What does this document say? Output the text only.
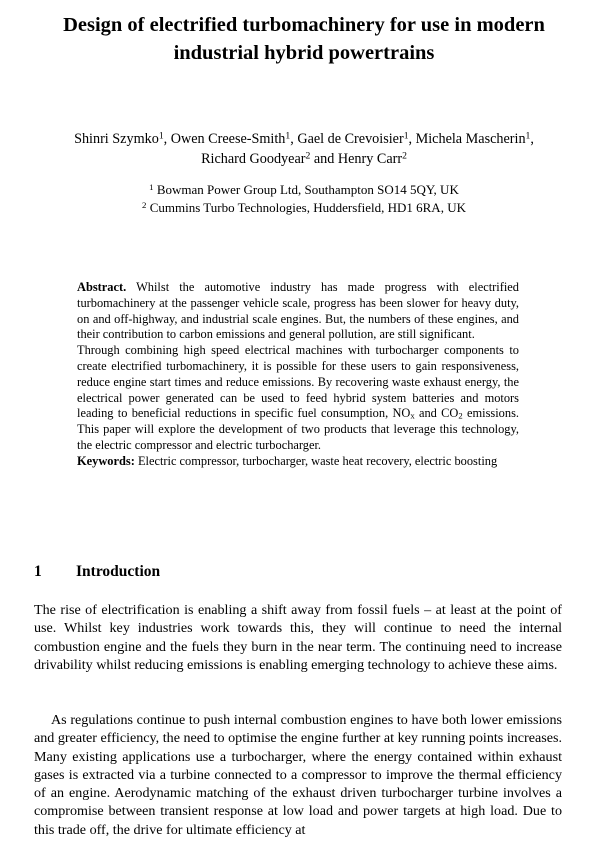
Design of electrified turbomachinery for use in modern
industrial hybrid powertrains
Shinri Szymko$^1$, Owen Creese-Smith$^1$, Gael de Crevoisier$^1$, Michela Mascherin$^1$,
Richard Goodyear$^2$ and Henry Carr$^2$
$^1$ Bowman Power Group Ltd, Southampton SO14 5QY, UK
$^2$ Cummins Turbo Technologies, Huddersfield, HD1 6RA, UK

Abstract. Whilst the automotive industry has made progress with electrified turbomachinery at the passenger vehicle scale, progress has been slower for heavy duty, on and off-highway, and industrial scale engines. But, the numbers of these engines, and their contribution to carbon emissions and general pollution, are still significant.

Through combining high speed electrical machines with turbocharger components to create electrified turbomachinery, it is possible for these users to gain responsiveness, reduce engine start times and reduce emissions. By recovering waste exhaust energy, the electrical power generated can be used to feed hybrid system batteries and motors leading to beneficial reductions in specific fuel consumption, $NO_x$ and $CO_2$ emissions. This paper will explore the development of two products that leverage this technology, the electric compressor and electric turbocharger.

Keywords: Electric compressor, turbocharger, waste heat recovery, electric boosting

1 Introduction

The rise of electrification is enabling a shift away from fossil fuels – at least at the point of use. Whilst key industries work towards this, they will continue to need the internal combustion engine and the fuels they burn in the near term. The continuing need to increase drivability whilst reducing emissions is enabling emerging technology to achieve these aims.

As regulations continue to push internal combustion engines to have both lower emissions and greater efficiency, the need to optimise the engine further at key running points increases. Many existing applications use a turbocharger, where the energy contained within exhaust gases is extracted via a turbine connected to a compressor to improve the thermal efficiency of an engine. Aerodynamic matching of the exhaust driven turbocharger turbine involves a compromise between transient response at low load and power targets at high load. Due to this trade off, the drive for ultimate efficiency at
